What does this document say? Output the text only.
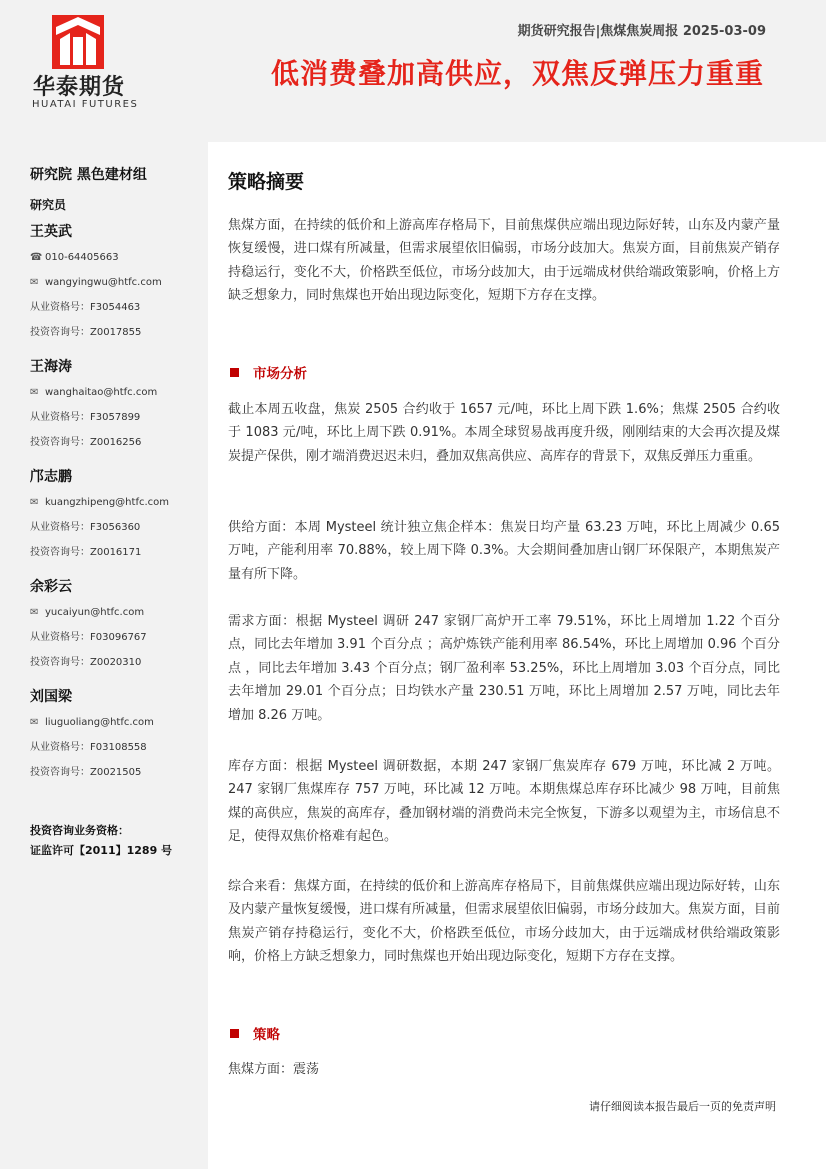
华泰期货
HUATAI FUTURES
期货研究报告|焦煤焦炭周报 2025-03-09
低消费叠加高供应，双焦反弹压力重重
研究院 黑色建材组
研究员
王英武
☎ 010-64405663
✉ wangyingwu@htfc.com
从业资格号：F3054463
投资咨询号：Z0017855
王海涛
✉ wanghaitao@htfc.com
从业资格号：F3057899
投资咨询号：Z0016256
邝志鹏
✉ kuangzhipeng@htfc.com
从业资格号：F3056360
投资咨询号：Z0016171
余彩云
✉ yucaiyun@htfc.com
从业资格号：F03096767
投资咨询号：Z0020310
刘国梁
✉ liuguoliang@htfc.com
从业资格号：F03108558
投资咨询号：Z0021505
投资咨询业务资格：
证监许可【2011】1289 号
策略摘要
焦煤方面，在持续的低价和上游高库存格局下，目前焦煤供应端出现边际好转，山东及内蒙产量恢复缓慢，进口煤有所减量，但需求展望依旧偏弱，市场分歧加大。焦炭方面，目前焦炭产销存持稳运行，变化不大，价格跌至低位，市场分歧加大，由于远端成材供给端政策影响，价格上方缺乏想象力，同时焦煤也开始出现边际变化，短期下方存在支撑。
市场分析
截止本周五收盘，焦炭 2505 合约收于 1657 元/吨，环比上周下跌 1.6%；焦煤 2505 合约收于 1083 元/吨，环比上周下跌 0.91%。本周全球贸易战再度升级，刚刚结束的大会再次提及煤炭提产保供，刚才端消费迟迟未归，叠加双焦高供应、高库存的背景下，双焦反弹压力重重。
供给方面：本周 Mysteel 统计独立焦企样本：焦炭日均产量 63.23 万吨，环比上周减少 0.65 万吨，产能利用率 70.88%，较上周下降 0.3%。大会期间叠加唐山钢厂环保限产，本期焦炭产量有所下降。
需求方面：根据 Mysteel 调研 247 家钢厂高炉开工率 79.51%，环比上周增加 1.22 个百分点，同比去年增加 3.91 个百分点 ；高炉炼铁产能利用率 86.54%，环比上周增加 0.96 个百分点 ，同比去年增加 3.43 个百分点；钢厂盈利率 53.25%，环比上周增加 3.03 个百分点，同比去年增加 29.01 个百分点；日均铁水产量 230.51 万吨，环比上周增加 2.57 万吨，同比去年增加 8.26 万吨。
库存方面：根据 Mysteel 调研数据，本期 247 家钢厂焦炭库存 679 万吨，环比减 2 万吨。247 家钢厂焦煤库存 757 万吨，环比减 12 万吨。本期焦煤总库存环比减少 98 万吨，目前焦煤的高供应，焦炭的高库存，叠加钢材端的消费尚未完全恢复，下游多以观望为主，市场信息不足，使得双焦价格难有起色。
综合来看：焦煤方面，在持续的低价和上游高库存格局下，目前焦煤供应端出现边际好转，山东及内蒙产量恢复缓慢，进口煤有所减量，但需求展望依旧偏弱，市场分歧加大。焦炭方面，目前焦炭产销存持稳运行，变化不大，价格跌至低位，市场分歧加大，由于远端成材供给端政策影响，价格上方缺乏想象力，同时焦煤也开始出现边际变化，短期下方存在支撑。
策略
焦煤方面：震荡
请仔细阅读本报告最后一页的免责声明
